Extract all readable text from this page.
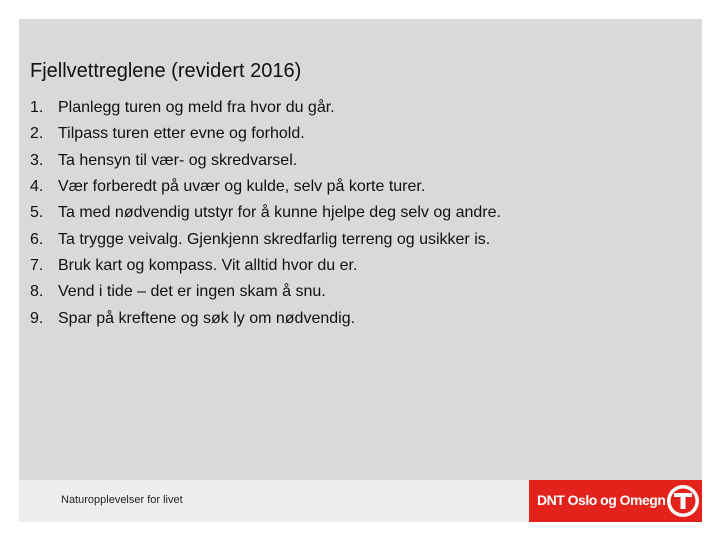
Fjellvettreglene (revidert 2016)
1. Planlegg turen og meld fra hvor du går.
2. Tilpass turen etter evne og forhold.
3. Ta hensyn til vær- og skredvarsel.
4. Vær forberedt på uvær og kulde, selv på korte turer.
5. Ta med nødvendig utstyr for å kunne hjelpe deg selv og andre.
6. Ta trygge veivalg. Gjenkjenn skredfarlig terreng og usikker is.
7. Bruk kart og kompass. Vit alltid hvor du er.
8. Vend i tide – det er ingen skam å snu.
9. Spar på kreftene og søk ly om nødvendig.
Naturopplevelser for livet	DNT Oslo og Omegn
